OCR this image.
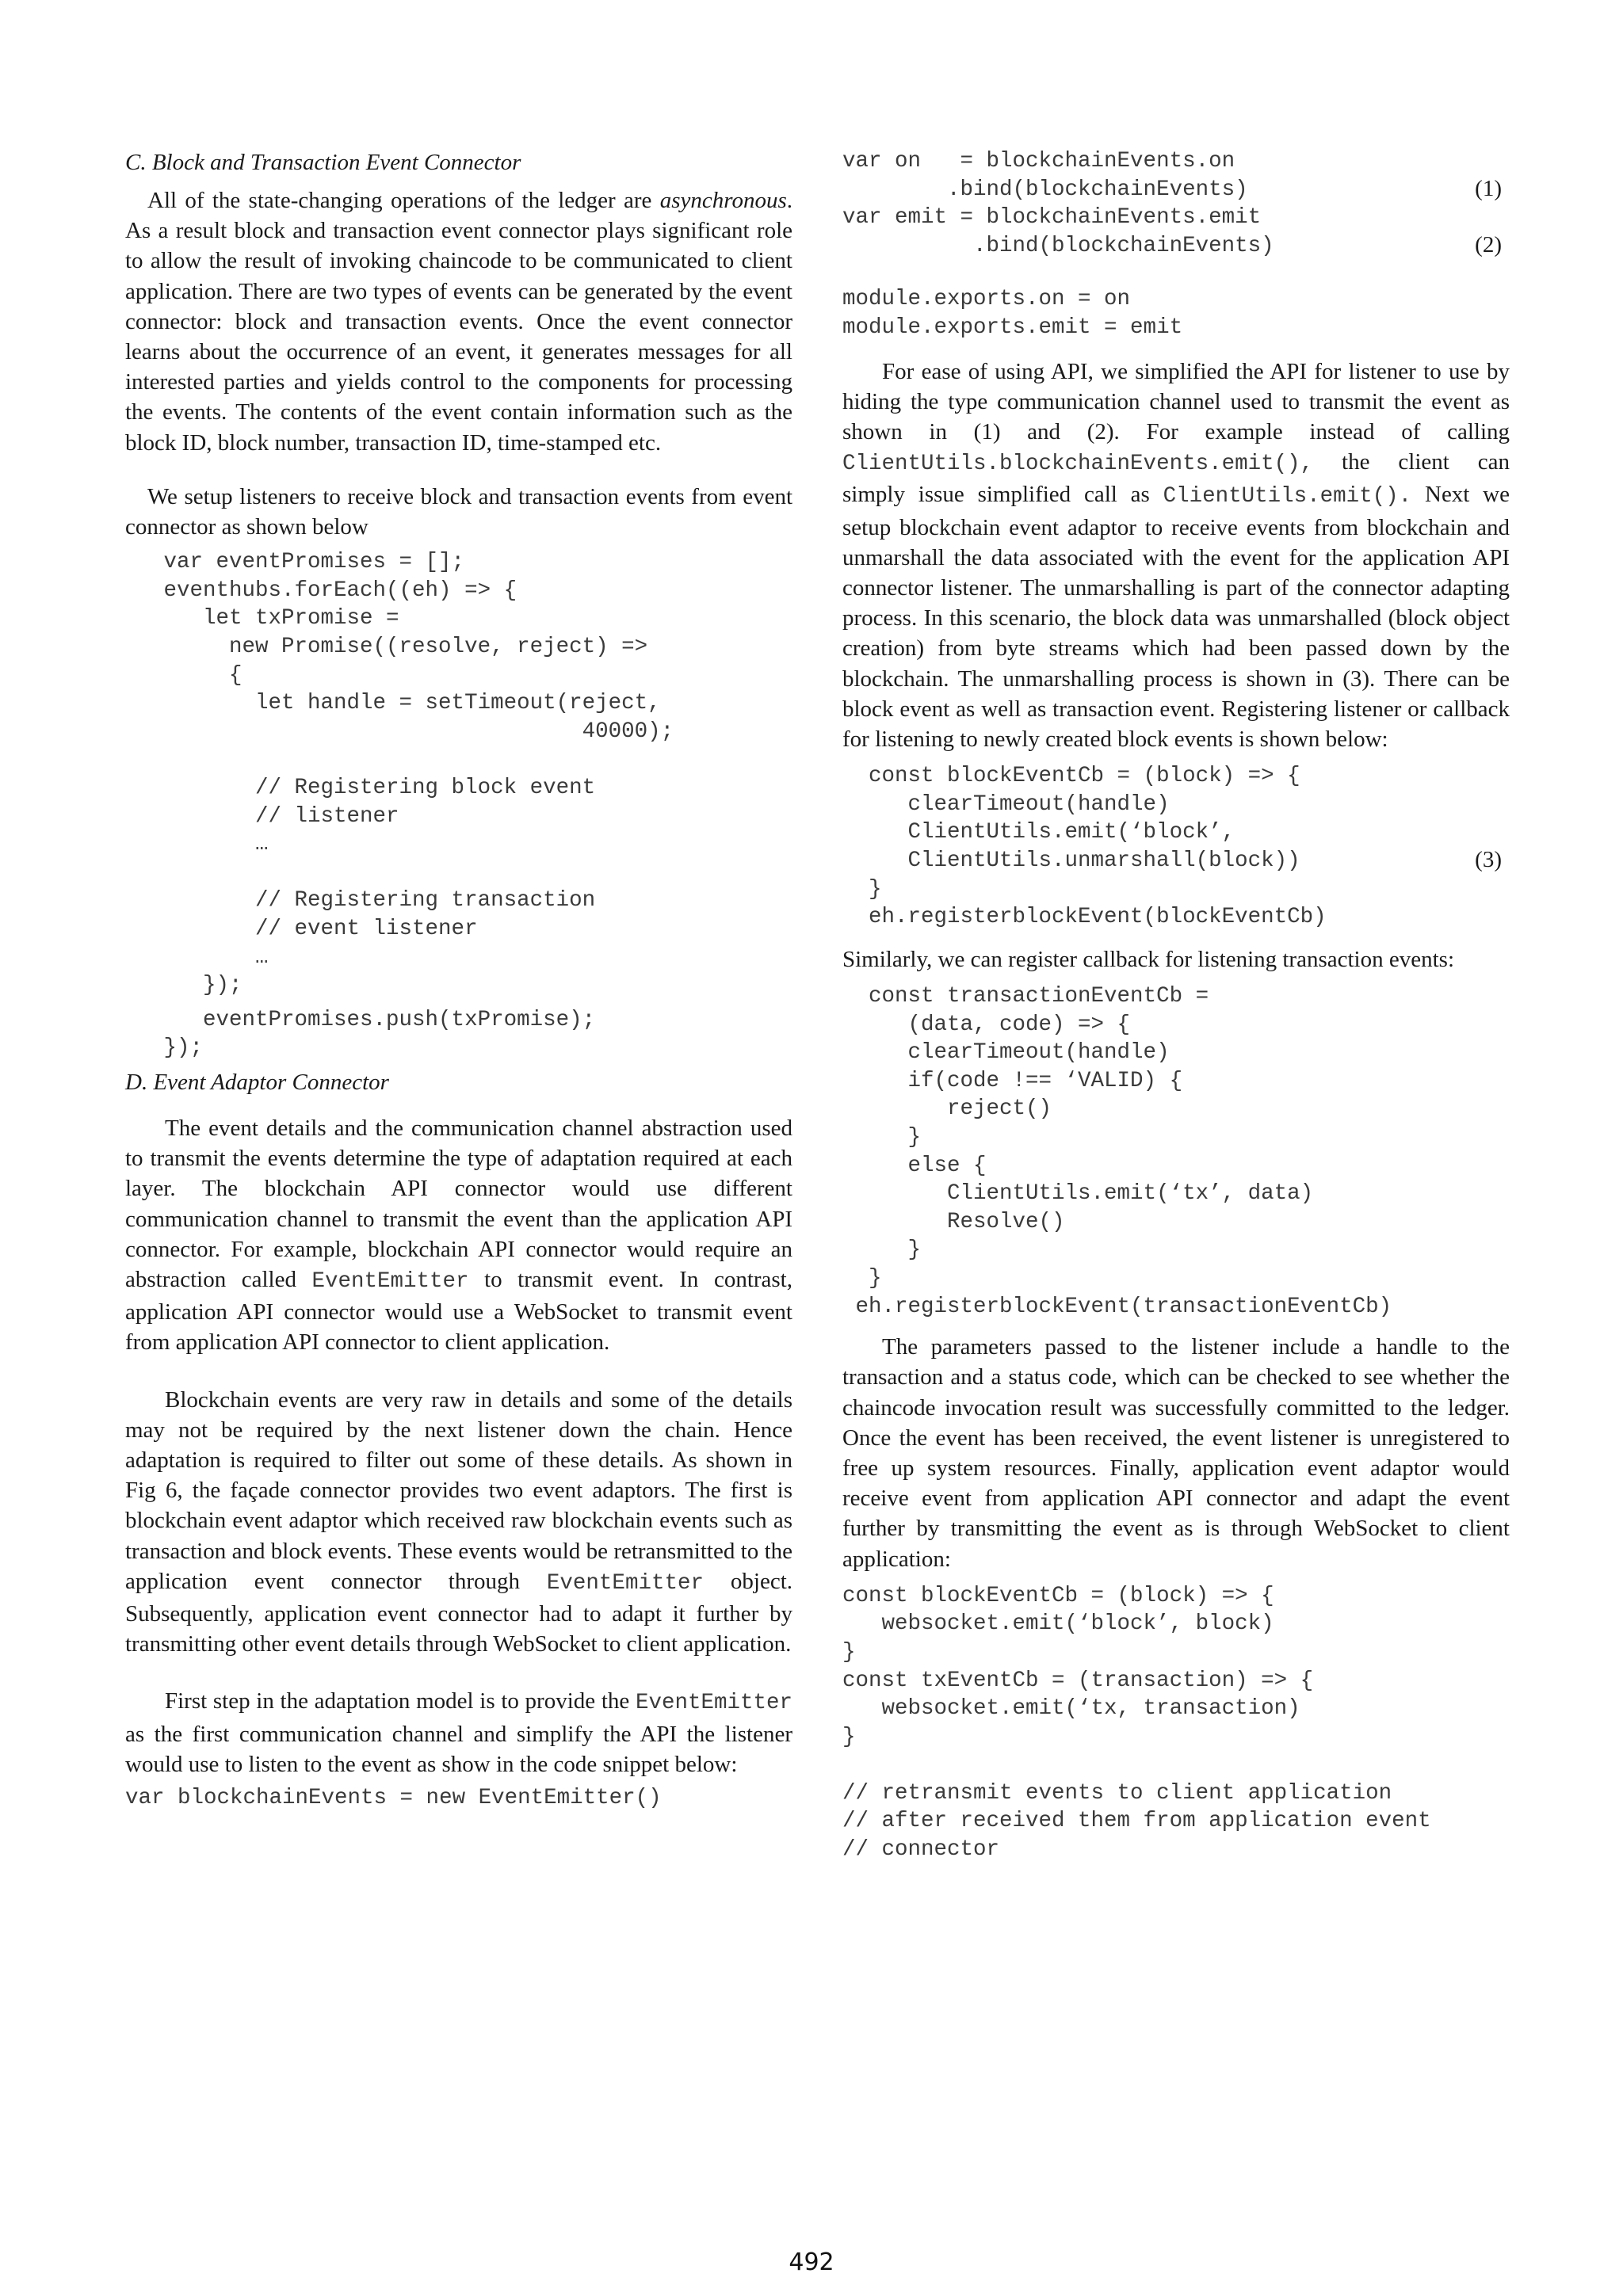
C. Block and Transaction Event Connector

All of the state-changing operations of the ledger are asynchronous. As a result block and transaction event connector plays significant role to allow the result of invoking chaincode to be communicated to client application. There are two types of events can be generated by the event connector: block and transaction events. Once the event connector learns about the occurrence of an event, it generates messages for all interested parties and yields control to the components for processing the events. The contents of the event contain information such as the block ID, block number, transaction ID, time-stamped etc.

We setup listeners to receive block and transaction events from event connector as shown below

var eventPromises = [];
eventhubs.forEach((eh) => {
let txPromise =
new Promise((resolve, reject) =>
{
let handle = setTimeout(reject,
40000);

// Registering block event
// listener
…

// Registering transaction
// event listener
…
});
eventPromises.push(txPromise);
});

D. Event Adaptor Connector

The event details and the communication channel abstraction used to transmit the events determine the type of adaptation required at each layer. The blockchain API connector would use different communication channel to transmit the event than the application API connector. For example, blockchain API connector would require an abstraction called EventEmitter to transmit event. In contrast, application API connector would use a WebSocket to transmit event from application API connector to client application.

Blockchain events are very raw in details and some of the details may not be required by the next listener down the chain. Hence adaptation is required to filter out some of these details. As shown in Fig 6, the façade connector provides two event adaptors. The first is blockchain event adaptor which received raw blockchain events such as transaction and block events. These events would be retransmitted to the application event connector through EventEmitter object. Subsequently, application event connector had to adapt it further by transmitting other event details through WebSocket to client application.

First step in the adaptation model is to provide the EventEmitter as the first communication channel and simplify the API the listener would use to listen to the event as show in the code snippet below:

var blockchainEvents = new EventEmitter()
var on   = blockchainEvents.on
.bind(blockchainEvents)	(1)
var emit = blockchainEvents.emit
.bind(blockchainEvents)	(2)
module.exports.on = on
module.exports.emit = emit

For ease of using API, we simplified the API for listener to use by hiding the type communication channel used to transmit the event as shown in (1) and (2). For example instead of calling ClientUtils.blockchainEvents.emit(), the client can simply issue simplified call as ClientUtils.emit(). Next we setup blockchain event adaptor to receive events from blockchain and unmarshall the data associated with the event for the application API connector listener. The unmarshalling is part of the connector adapting process. In this scenario, the block data was unmarshalled (block object creation) from byte streams which had been passed down by the blockchain. The unmarshalling process is shown in (3). There can be block event as well as transaction event. Registering listener or callback for listening to newly created block events is shown below:

const blockEventCb = (block) => {
clearTimeout(handle)
ClientUtils.emit(‘block’,

ClientUtils.unmarshall(block))	(3)
}
eh.registerblockEvent(blockEventCb)

Similarly, we can register callback for listening transaction events:

const transactionEventCb =
(data, code) => {
clearTimeout(handle)
if(code !== ‘VALID) {
reject()
}
else {
ClientUtils.emit(‘tx’, data)
Resolve()
}
}
eh.registerblockEvent(transactionEventCb)

The parameters passed to the listener include a handle to the transaction and a status code, which can be checked to see whether the chaincode invocation result was successfully committed to the ledger. Once the event has been received, the event listener is unregistered to free up system resources. Finally, application event adaptor would receive event from application API connector and adapt the event further by transmitting the event as is through WebSocket to client application:

const blockEventCb = (block) => {
websocket.emit(‘block’, block)
}
const txEventCb = (transaction) => {
websocket.emit(‘tx, transaction)
}

// retransmit events to client application
// after received them from application event
// connector
492
